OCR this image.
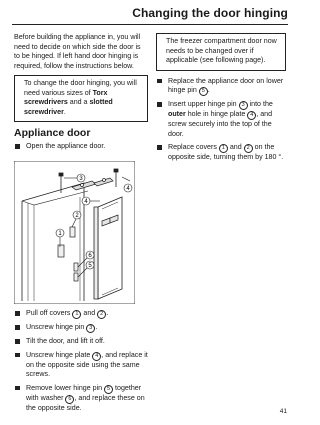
Changing the door hinging

Before building the appliance in, you will need to decide on which side the door is to be hinged. If left hand door hinging is required, follow the instructions below.

To change the door hinging, you will need various sizes of Torx screwdrivers and a slotted screwdriver.
Appliance door
Open the appliance door.
3
4
4
2
1
6
5
Pull off covers 1 and 2 .
Unscrew hinge pin 3 .
Tilt the door, and lift it off.
Unscrew hinge plate 4 , and replace it on the opposite side using the same screws.
Remove lower hinge pin 5 together with washer 6 , and replace these on the opposite side.
The freezer compartment door now needs to be changed over if applicable (see following page).
Replace the appliance door on lower hinge pin 5 .
Insert upper hinge pin 3 into the outer hole in hinge plate 4 , and screw securely into the top of the door.
Replace covers 1 and 2 on the opposite side, turning them by 180 °.
41
